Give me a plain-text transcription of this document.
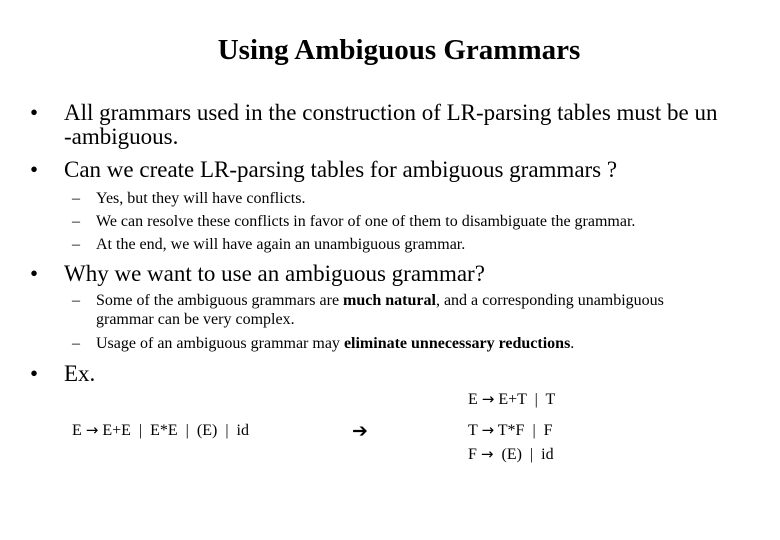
Using Ambiguous Grammars
• All grammars used in the construction of LR-parsing tables must be un
-ambiguous.
• Can we create LR-parsing tables for ambiguous grammars ?
– Yes, but they will have conflicts.
– We can resolve these conflicts in favor of one of them to disambiguate the grammar.
– At the end, we will have again an unambiguous grammar.
• Why we want to use an ambiguous grammar?
– Some of the ambiguous grammars are much natural, and a corresponding unambiguous
grammar can be very complex.
– Usage of an ambiguous grammar may eliminate unnecessary reductions.
• Ex.
E → E+E  |  E*E  |  (E)  |  id	➔
E → E+T  |  T
T → T*F  |  F
F →  (E)  |  id
